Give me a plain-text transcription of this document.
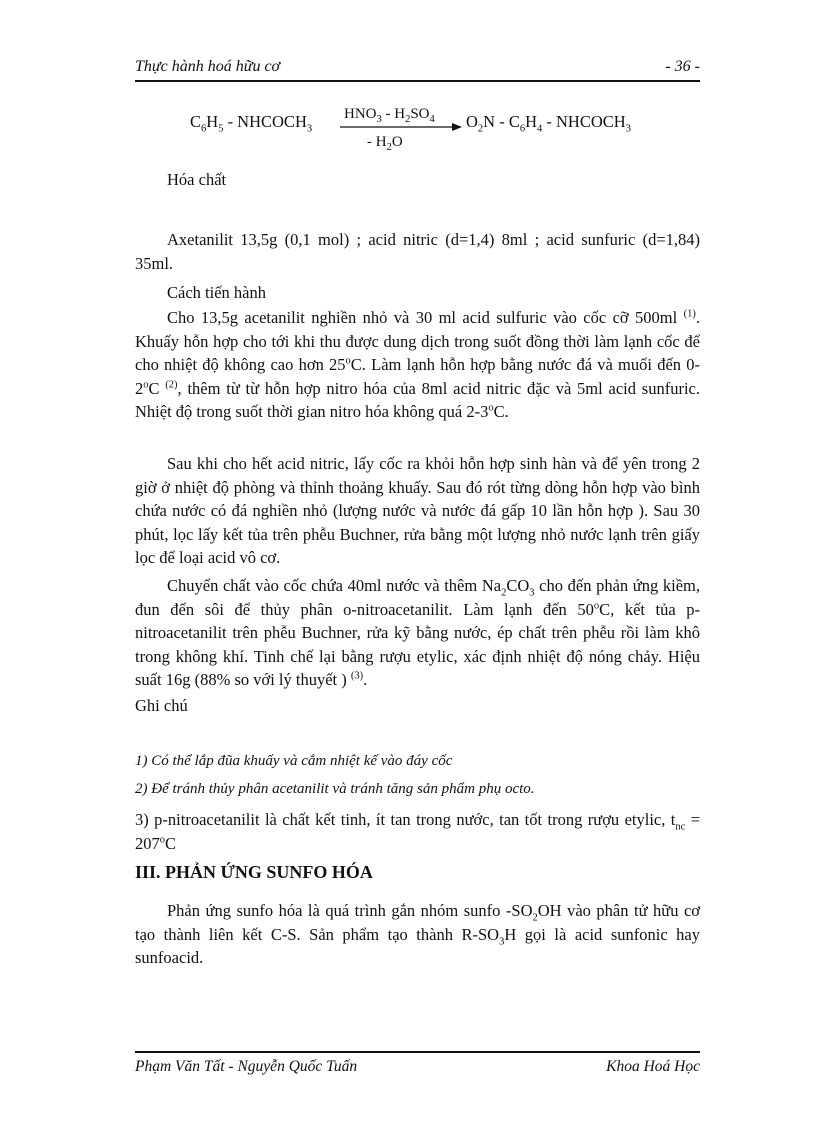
Thực hành hoá hữu cơ	- 36 -
$C_6H_5$ - $NHCOCH_3$
$HNO_3 - H_2SO_4$
- $H_2O$
$O_2N - C_6H_4$ - $NHCOCH_3$

Hóa chất

Axetanilit 13,5g (0,1 mol) ; acid nitric (d=1,4) 8ml ; acid sunfuric (d=1,84) 35ml.

Cách tiến hành

Cho 13,5g acetanilit nghiền nhỏ và 30 ml acid sulfuric vào cốc cỡ 500ml $^{(1)}$. Khuấy hỗn hợp cho tới khi thu được dung dịch trong suốt đồng thời làm lạnh cốc để cho nhiệt độ không cao hơn 25$^o$C. Làm lạnh hỗn hợp bằng nước đá và muối đến 0-2$^o$C $^{(2)}$, thêm từ từ hỗn hợp nitro hóa của 8ml acid nitric đặc và 5ml acid sunfuric. Nhiệt độ trong suốt thời gian nitro hóa không quá 2-3$^o$C.

Sau khi cho hết acid nitric, lấy cốc ra khỏi hỗn hợp sinh hàn và để yên trong 2 giờ ở nhiệt độ phòng và thỉnh thoảng khuấy. Sau đó rót từng dòng hỗn hợp vào bình chứa nước có đá nghiền nhỏ (lượng nước và nước đá gấp 10 lần hỗn hợp ). Sau 30 phút, lọc lấy kết tủa trên phễu Buchner, rửa bằng một lượng nhỏ nước lạnh trên giấy lọc để loại acid vô cơ.

Chuyển chất vào cốc chứa 40ml nước và thêm $Na_2CO_3$ cho đến phản ứng kiềm, đun đến sôi để thủy phân o-nitroacetanilit. Làm lạnh đến 50$^o$C, kết tủa p-nitroacetanilit trên phễu Buchner, rửa kỹ bằng nước, ép chất trên phễu rồi làm khô trong không khí. Tinh chế lại bằng rượu etylic, xác định nhiệt độ nóng chảy. Hiệu suất 16g (88% so với lý thuyết ) $^{(3)}$.

Ghi chú

1) Có thể lắp đũa khuấy và cắm nhiệt kế vào đáy cốc

2) Để tránh thủy phân acetanilit và tránh tăng sản phẩm phụ octo.

3) p-nitroacetanilit là chất kết tinh, ít tan trong nước, tan tốt trong rượu etylic, $t_{nc} = 207^oC$

III. PHẢN ỨNG SUNFO HÓA

Phản ứng sunfo hóa là quá trình gắn nhóm sunfo $-SO_2OH$ vào phân tử hữu cơ tạo thành liên kết C-S. Sản phẩm tạo thành $R-SO_3H$ gọi là acid sunfonic hay sunfoacid.

Phạm Văn Tất - Nguyễn Quốc Tuấn	Khoa Hoá Học
